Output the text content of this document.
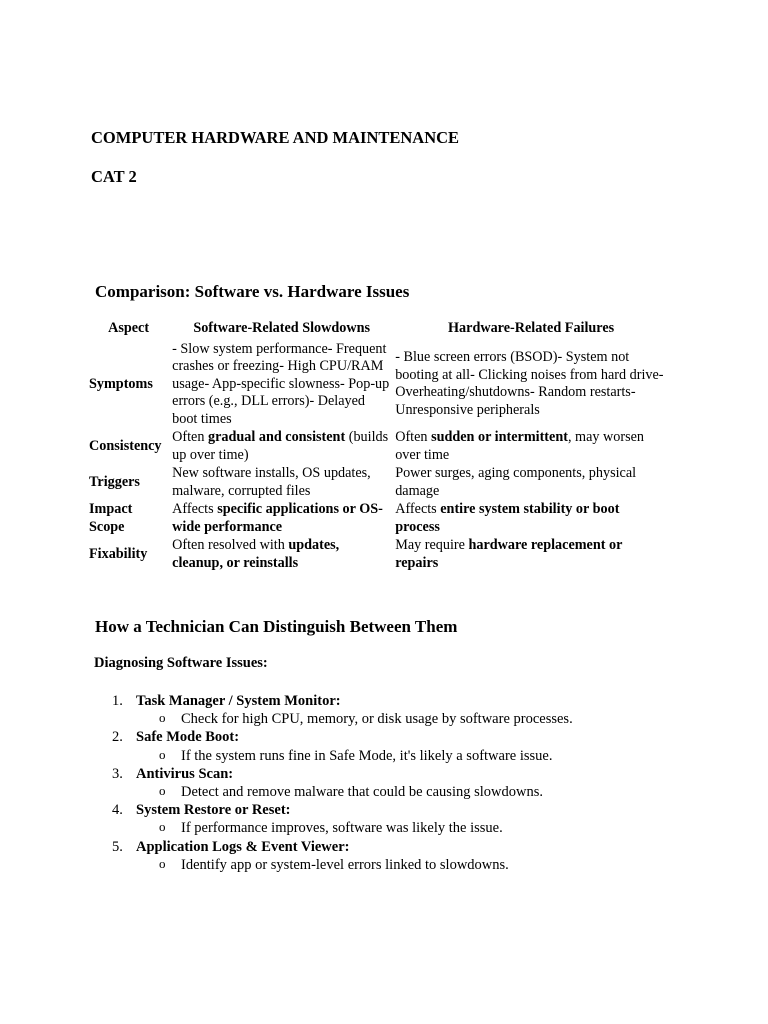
COMPUTER HARDWARE AND MAINTENANCE

CAT 2

Comparison: Software vs. Hardware Issues

Aspect	Software-Related Slowdowns	Hardware-Related Failures
Symptoms	- Slow system performance- Frequent crashes or freezing- High CPU/RAM usage- App-specific slowness- Pop-up errors (e.g., DLL errors)- Delayed boot times	- Blue screen errors (BSOD)- System not booting at all- Clicking noises from hard drive- Overheating/shutdowns- Random restarts- Unresponsive peripherals
Consistency	Often gradual and consistent (builds up over time)	Often sudden or intermittent, may worsen over time
Triggers	New software installs, OS updates, malware, corrupted files	Power surges, aging components, physical damage
Impact Scope	Affects specific applications or OS-wide performance	Affects entire system stability or boot process
Fixability	Often resolved with updates, cleanup, or reinstalls	May require hardware replacement or repairs

How a Technician Can Distinguish Between Them

Diagnosing Software Issues:

1. Task Manager / System Monitor:
o Check for high CPU, memory, or disk usage by software processes.
2. Safe Mode Boot:
o If the system runs fine in Safe Mode, it's likely a software issue.
3. Antivirus Scan:
o Detect and remove malware that could be causing slowdowns.
4. System Restore or Reset:
o If performance improves, software was likely the issue.
5. Application Logs & Event Viewer:
o Identify app or system-level errors linked to slowdowns.
